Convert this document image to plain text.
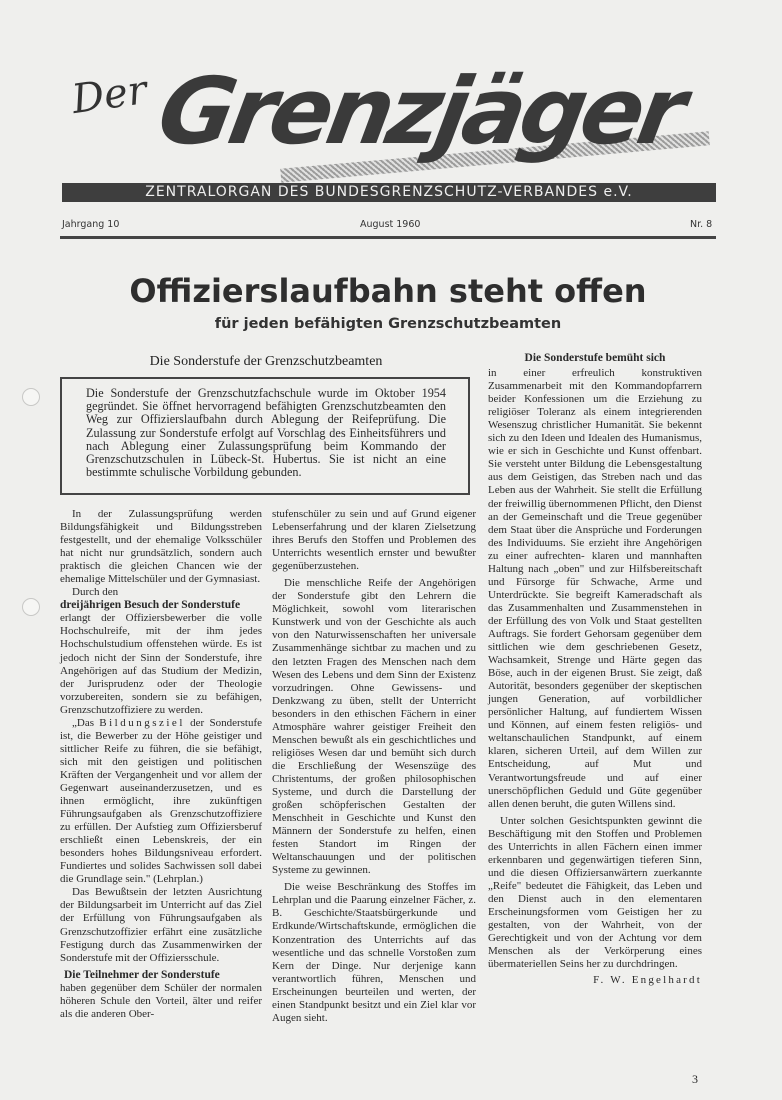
Der Grenzjäger
ZENTRALORGAN DES BUNDESGRENZSCHUTZ-VERBANDES e.V.
Jahrgang 10	August 1960	Nr. 8
Offizierslaufbahn steht offen
für jeden befähigten Grenzschutzbeamten
Die Sonderstufe der Grenzschutzbeamten
Die Sonderstufe der Grenzschutzfachschule wurde im Oktober 1954 gegründet. Sie öffnet hervorragend befähigten Grenzschutzbeamten den Weg zur Offizierslaufbahn durch Ablegung der Reifeprüfung. Die Zulassung zur Sonderstufe erfolgt auf Vorschlag des Einheitsführers und nach Ablegung einer Zulassungsprüfung beim Kommando der Grenzschutzschulen in Lübeck-St. Hubertus. Sie ist nicht an eine bestimmte schulische Vorbildung gebunden.

In der Zulassungsprüfung werden Bildungsfähigkeit und Bildungsstreben festgestellt, und der ehemalige Volksschüler hat nicht nur grundsätzlich, sondern auch praktisch die gleichen Chancen wie der ehemalige Mittelschüler und der Gymnasiast.

Durch den

dreijährigen Besuch der Sonderstufe

erlangt der Offiziersbewerber die volle Hochschulreife, mit der ihm jedes Hochschulstudium offenstehen würde. Es ist jedoch nicht der Sinn der Sonderstufe, ihre Angehörigen auf das Studium der Medizin, der Jurisprudenz oder der Theologie vorzubereiten, sondern sie zu befähigen, Grenzschutzoffiziere zu werden.

„Das Bildungsziel der Sonderstufe ist, die Bewerber zu der Höhe geistiger und sittlicher Reife zu führen, die sie befähigt, sich mit den geistigen und politischen Kräften der Vergangenheit und vor allem der Gegenwart auseinanderzusetzen, und es ihnen ermöglicht, ihre zukünftigen Führungsaufgaben als Grenzschutzoffiziere zu erfüllen. Der Aufstieg zum Offiziersberuf erschließt einen Lebenskreis, der ein besonders hohes Bildungsniveau erfordert. Fundiertes und solides Sachwissen soll dabei die Grundlage sein." (Lehrplan.)

Das Bewußtsein der letzten Ausrichtung der Bildungsarbeit im Unterricht auf das Ziel der Erfüllung von Führungsaufgaben als Grenzschutzoffizier erfährt eine zusätzliche Festigung durch das Zusammenwirken der Sonderstufe mit der Offiziersschule.

Die Teilnehmer der Sonderstufe

haben gegenüber dem Schüler der normalen höheren Schule den Vorteil, älter und reifer als die anderen Ober-

stufenschüler zu sein und auf Grund eigener Lebenserfahrung und der klaren Zielsetzung ihres Berufs den Stoffen und Problemen des Unterrichts wesentlich ernster und bewußter gegenüberzustehen.

Die menschliche Reife der Angehörigen der Sonderstufe gibt den Lehrern die Möglichkeit, sowohl vom literarischen Kunstwerk und von der Geschichte als auch von den Naturwissenschaften her universale Zusammenhänge sichtbar zu machen und zu den letzten Fragen des Menschen nach dem Wesen des Lebens und dem Sinn der Existenz vorzudringen. Ohne Gewissens- und Denkzwang zu üben, stellt der Unterricht besonders in den ethischen Fächern in einer Atmosphäre wahrer geistiger Freiheit den Menschen bewußt als ein geschichtliches und religiöses Wesen dar und bemüht sich durch die Erschließung der Wesenszüge des Christentums, der großen philosophischen Systeme, und durch die Darstellung der großen schöpferischen Gestalten der Menschheit in Geschichte und Kunst den Männern der Sonderstufe zu helfen, einen festen Standort im Ringen der Weltanschauungen und der politischen Systeme zu gewinnen.

Die weise Beschränkung des Stoffes im Lehrplan und die Paarung einzelner Fächer, z. B. Geschichte/Staatsbürgerkunde und Erdkunde/Wirtschaftskunde, ermöglichen die Konzentration des Unterrichts auf das wesentliche und das schnelle Vorstoßen zum Kern der Dinge. Nur derjenige kann verantwortlich führen, Menschen und Erscheinungen beurteilen und werten, der einen Standpunkt besitzt und ein Ziel klar vor Augen sieht.

Die Sonderstufe bemüht sich

in einer erfreulich konstruktiven Zusammenarbeit mit den Kommandopfarrern beider Konfessionen um die Erziehung zu religiöser Toleranz als einem integrierenden Wesenszug christlicher Humanität. Sie bekennt sich zu den Ideen und Idealen des Humanismus, wie er sich in Geschichte und Kunst offenbart. Sie versteht unter Bildung die Lebensgestaltung aus dem Geistigen, das Streben nach und das Leben aus der Wahrheit. Sie stellt die Erfüllung der freiwillig übernommenen Pflicht, den Dienst an der Gemeinschaft und die Treue gegenüber dem Staat über die Ansprüche und Forderungen des Individuums. Sie erzieht ihre Angehörigen zu einer aufrechten- klaren und mannhaften Haltung nach „oben" und zur Hilfsbereitschaft und Fürsorge für Schwache, Arme und Unterdrückte. Sie begreift Kameradschaft als das Zusammenhalten und Zusammenstehen in der Erfüllung des von Volk und Staat gestellten Auftrags. Sie fordert Gehorsam gegenüber dem sittlichen wie dem geschriebenen Gesetz, Wachsamkeit, Strenge und Härte gegen das Böse, auch in der eigenen Brust. Sie zeigt, daß Autorität, besonders gegenüber der skeptischen jungen Generation, auf vorbildlicher persönlicher Haltung, auf fundiertem Wissen und Können, auf einem festen religiös- und weltanschaulichen Standpunkt, auf einem klaren, sicheren Urteil, auf dem Willen zur Entscheidung, auf Mut und Verantwortungsfreude und auf einer unerschöpflichen Geduld und Güte gegenüber allen denen beruht, die guten Willens sind.

Unter solchen Gesichtspunkten gewinnt die Beschäftigung mit den Stoffen und Problemen des Unterrichts in allen Fächern einen immer erkennbaren und gegenwärtigen tieferen Sinn, und die diesen Offiziersanwärtern zuerkannte „Reife" bedeutet die Fähigkeit, das Leben und den Dienst auch in den elementaren Erscheinungsformen vom Geistigen her zu gestalten, von der Wahrheit, von der Gerechtigkeit und von der Achtung vor dem Menschen als der Verkörperung eines übermateriellen Seins her zu durchdringen.

F. W. Engelhardt
3
